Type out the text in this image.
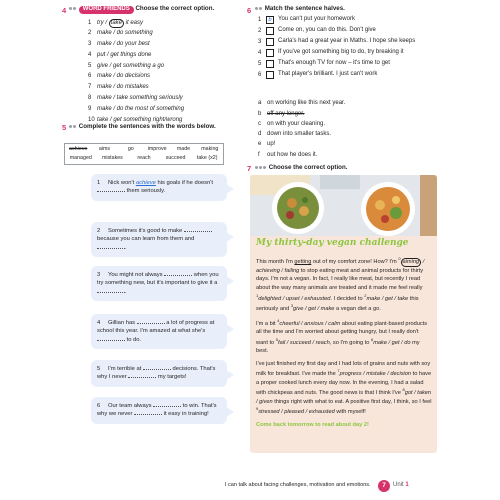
4	WORD FRIENDS Choose the correct option.
1 try / take it easy
2 make / do something
3 make / do your best
4 put / get things done
5 give / get something a go
6 make / do decisions
7 make / do mistakes
8 make / take something seriously
9 make / do the most of something
10 take / get something right/wrong
5	Complete the sentences with the words below.
achieve	aims	go	improve	made	making
managed	mistakes	reach	succeed	take (x2)
1 Nick won't achieve his goals if he doesn't  them seriously.
2 Sometimes it's good to make  because you can learn from them and .
3 You might not always	when you try something new, but it's important to give it a .
4 Gillian has	a lot of progress at school this year. I'm amazed at what she's  to do.
5 I'm terrible at	decisions. That's why I never	my targets!
6 Our team always	to win. That's why we never	it easy in training!
6	Match the sentence halves.
1	b	You can't put your homework
2	Come on, you can do this. Don't give
3	Carla's had a great year in Maths. I hope she keeps
4	If you've got something big to do, try breaking it
5	That's enough TV for now – it's time to get
6	That player's brilliant. I just can't work
a on working like this next year.
b off any longer.
c	on with your cleaning.
d down into smaller tasks.
e up!
f	out how he does it.
7	Choose the correct option.
My thirty-day vegan challenge

This month I'm getting out of my comfort zone! How? I'm $^0$aiming / achieving / failing to stop eating meat and animal products for thirty days. I'm not a vegan. In fact, I really like meat, but recently I read about the way many animals are treated and it made me feel really $^1$delighted / upset / exhausted. I decided to $^2$make / get / take this seriously and $^3$give / get / make a vegan diet a go.

I'm a bit $^4$cheerful / anxious / calm about eating plant-based products all the time and I'm worried about getting hungry, but I really don't want to $^5$fail / succeed / reach, so I'm going to $^6$make / get / do my best.

I've just finished my first day and I had lots of grains and nuts with soy milk for breakfast. I've made the $^7$progress / mistake / decision to have a proper cooked lunch every day now. In the evening, I had a salad with chickpeas and nuts. The good news is that I think I've $^8$got / taken / given things right with what to eat. A positive first day, I think, so I feel $^9$stressed / pleased / exhausted with myself!

Come back tomorrow to read about day 2!

I can talk about facing challenges, motivation and emotions.	7	Unit 1
